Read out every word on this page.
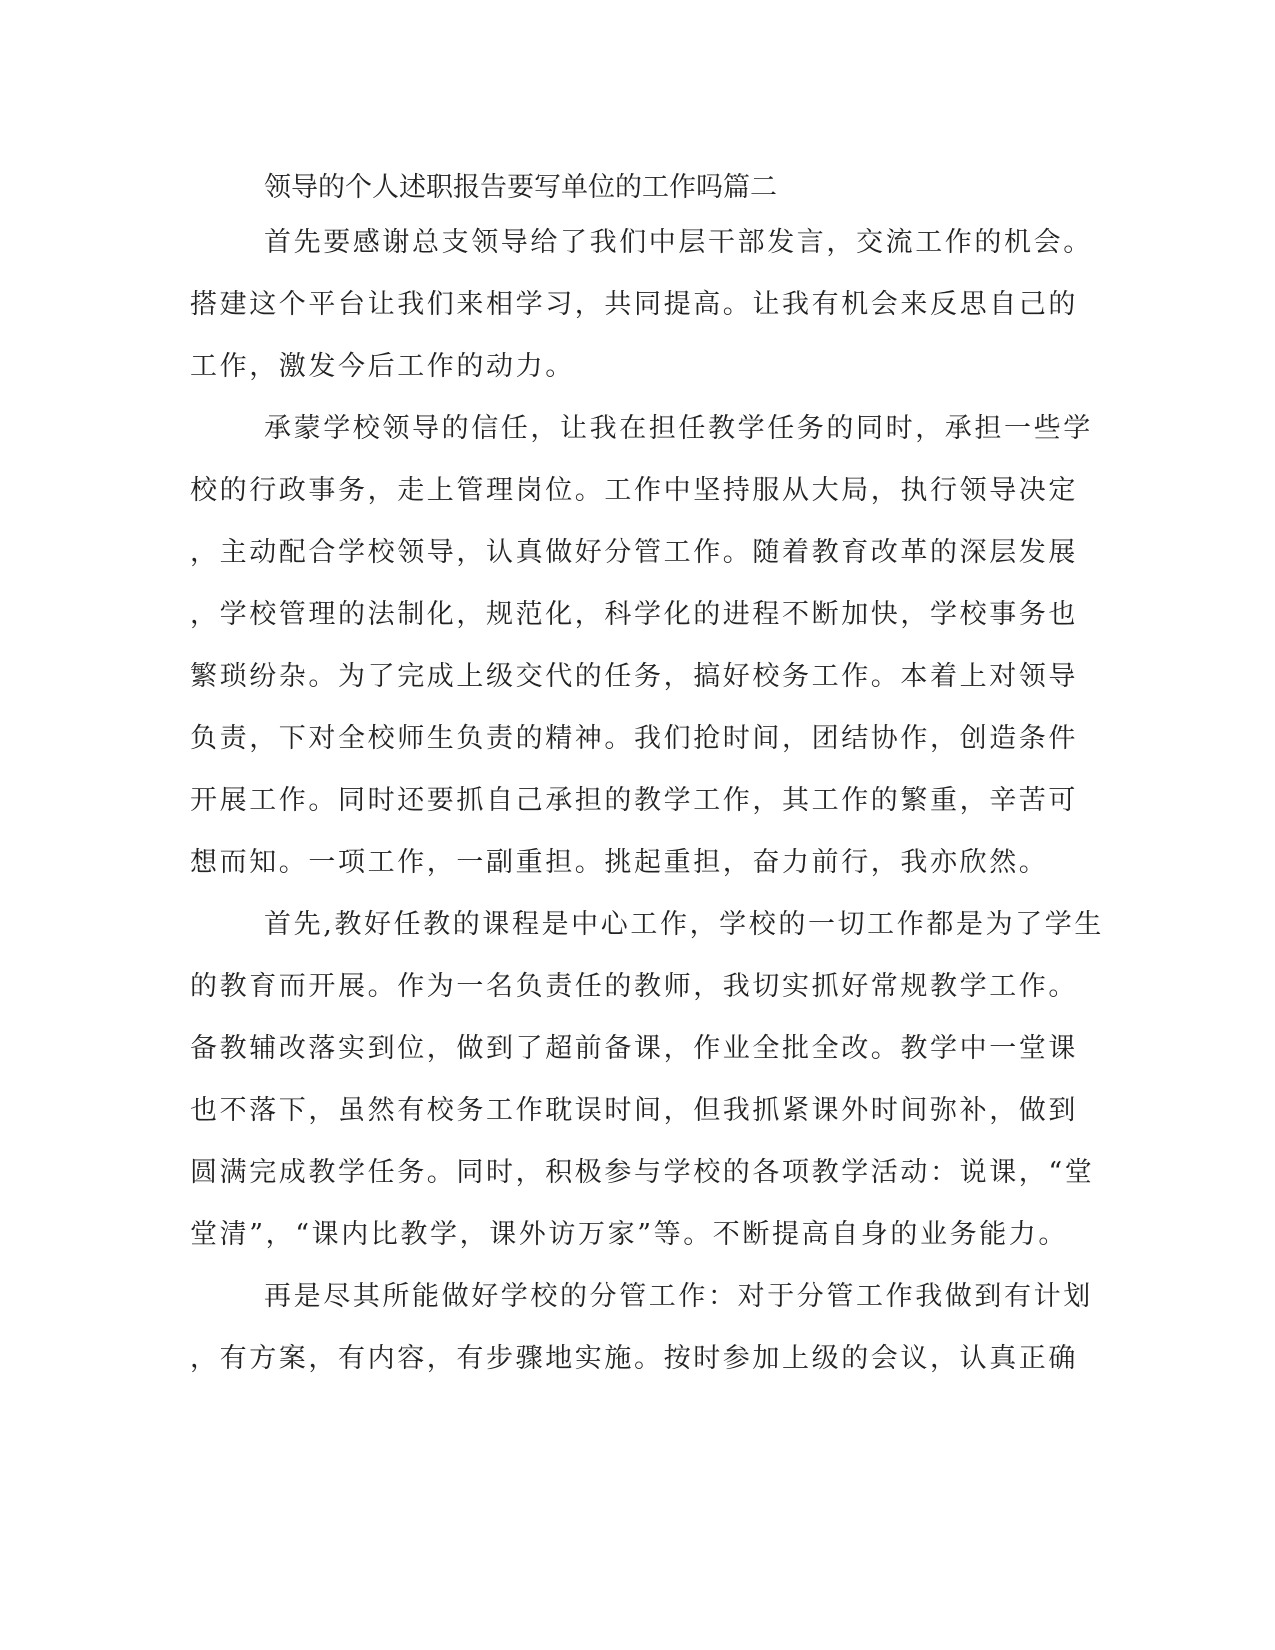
领导的个人述职报告要写单位的工作吗篇二

首先要感谢总支领导给了我们中层干部发言，交流工作的机会。
搭建这个平台让我们来相学习，共同提高。让我有机会来反思自己的
工作，激发今后工作的动力。

承蒙学校领导的信任，让我在担任教学任务的同时，承担一些学
校的行政事务，走上管理岗位。工作中坚持服从大局，执行领导决定
，主动配合学校领导，认真做好分管工作。随着教育改革的深层发展
，学校管理的法制化，规范化，科学化的进程不断加快，学校事务也
繁琐纷杂。为了完成上级交代的任务，搞好校务工作。本着上对领导
负责，下对全校师生负责的精神。我们抢时间，团结协作，创造条件
开展工作。同时还要抓自己承担的教学工作，其工作的繁重，辛苦可
想而知。一项工作，一副重担。挑起重担，奋力前行，我亦欣然。

首先,教好任教的课程是中心工作，学校的一切工作都是为了学生
的教育而开展。作为一名负责任的教师，我切实抓好常规教学工作。
备教辅改落实到位，做到了超前备课，作业全批全改。教学中一堂课
也不落下，虽然有校务工作耽误时间，但我抓紧课外时间弥补，做到
圆满完成教学任务。同时，积极参与学校的各项教学活动：说课，“堂
堂清”，“课内比教学，课外访万家”等。不断提高自身的业务能力。

再是尽其所能做好学校的分管工作：对于分管工作我做到有计划
，有方案，有内容，有步骤地实施。按时参加上级的会议，认真正确
